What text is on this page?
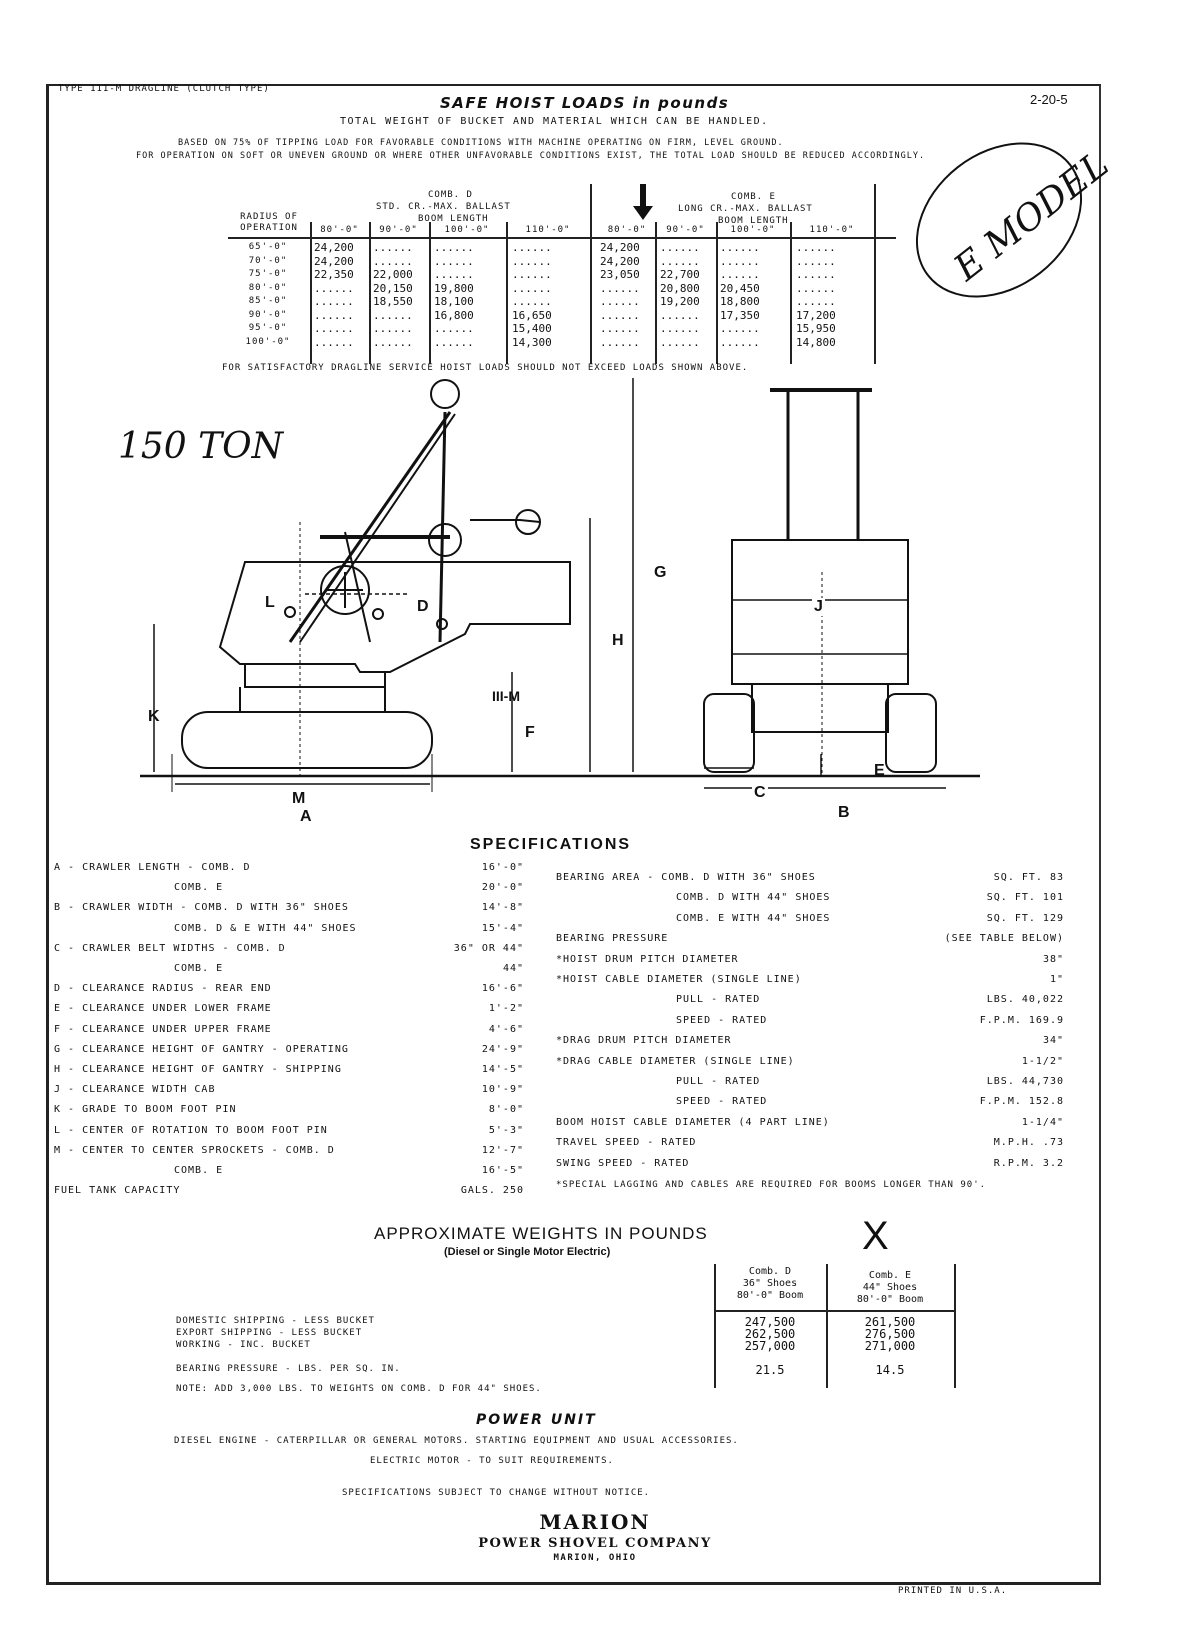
TYPE 111-M DRAGLINE (CLUTCH TYPE)
SAFE HOIST LOADS in pounds	2-20-5
TOTAL WEIGHT OF BUCKET AND MATERIAL WHICH CAN BE HANDLED.
BASED ON 75% OF TIPPING LOAD FOR FAVORABLE CONDITIONS WITH MACHINE OPERATING ON FIRM, LEVEL GROUND.
FOR OPERATION ON SOFT OR UNEVEN GROUND OR WHERE OTHER UNFAVORABLE CONDITIONS EXIST, THE TOTAL LOAD SHOULD BE REDUCED ACCORDINGLY. E MODEL
150 TON
RADIUS OF OPERATION
COMB. D
STD. CR.-MAX. BALLAST
BOOM LENGTH
COMB. E
LONG CR.-MAX. BALLAST
BOOM LENGTH
80'-0"	90'-0"	100'-0"	110'-0"	80'-0"	90'-0"	100'-0"	110'-0"
65'-0"	24,200	......	......	......	24,200	......	......	......
70'-0"	24,200	......	......	......	24,200	......	......	......
75'-0"	22,350	22,000	......	......	23,050	22,700	......	......
80'-0"	......	20,150	19,800	......	......	20,800	20,450	......
85'-0"	......	18,550	18,100	......	......	19,200	18,800	......
90'-0"	......	......	16,800	16,650	......	......	17,350	17,200
95'-0"	......	......	......	15,400	......	......	......	15,950
100'-0"	......	......	......	14,300	......	......	......	14,800
FOR SATISFACTORY DRAGLINE SERVICE HOIST LOADS SHOULD NOT EXCEED LOADS SHOWN ABOVE.
L	D
H
G
K
F
M
A
III-M
J
C
B
E
SPECIFICATIONS
A - CRAWLER LENGTH - COMB. D	16'-0"
COMB. E	20'-0"
B - CRAWLER WIDTH - COMB. D WITH 36" SHOES	14'-8"
COMB. D & E WITH 44" SHOES	15'-4"
C - CRAWLER BELT WIDTHS - COMB. D	36" OR 44"
COMB. E	44"
D - CLEARANCE RADIUS - REAR END	16'-6"
E - CLEARANCE UNDER LOWER FRAME	1'-2"
F - CLEARANCE UNDER UPPER FRAME	4'-6"
G - CLEARANCE HEIGHT OF GANTRY - OPERATING	24'-9"
H - CLEARANCE HEIGHT OF GANTRY - SHIPPING	14'-5"
J - CLEARANCE WIDTH CAB	10'-9"
K - GRADE TO BOOM FOOT PIN	8'-0"
L - CENTER OF ROTATION TO BOOM FOOT PIN	5'-3"
M - CENTER TO CENTER SPROCKETS - COMB. D	12'-7"
COMB. E	16'-5"
FUEL TANK CAPACITY	GALS. 250
BEARING AREA - COMB. D WITH 36" SHOES	SQ. FT. 83
COMB. D WITH 44" SHOES	SQ. FT. 101
COMB. E WITH 44" SHOES	SQ. FT. 129
BEARING PRESSURE	(SEE TABLE BELOW)
*HOIST DRUM PITCH DIAMETER	38"
*HOIST CABLE DIAMETER (SINGLE LINE)	1"
PULL - RATED	LBS. 40,022
SPEED - RATED	F.P.M. 169.9
*DRAG DRUM PITCH DIAMETER	34"
*DRAG CABLE DIAMETER (SINGLE LINE)	1-1/2"
PULL - RATED	LBS. 44,730
SPEED - RATED	F.P.M. 152.8
BOOM HOIST CABLE DIAMETER (4 PART LINE)	1-1/4"
TRAVEL SPEED - RATED	M.P.H. .73
SWING SPEED - RATED	R.P.M. 3.2
*SPECIAL LAGGING AND CABLES ARE REQUIRED FOR BOOMS LONGER THAN 90'.
APPROXIMATE WEIGHTS IN POUNDS
(Diesel or Single Motor Electric)	X
Comb. D
36" Shoes
80'-0" Boom
Comb. E
44" Shoes
80'-0" Boom
DOMESTIC SHIPPING - LESS BUCKET	247,500	261,500
EXPORT SHIPPING - LESS BUCKET	262,500	276,500
WORKING - INC. BUCKET	257,000	271,000
BEARING PRESSURE - LBS. PER SQ. IN.	21.5	14.5
NOTE: ADD 3,000 LBS. TO WEIGHTS ON COMB. D FOR 44" SHOES.
POWER UNIT
DIESEL ENGINE - CATERPILLAR OR GENERAL MOTORS. STARTING EQUIPMENT AND USUAL ACCESSORIES.
ELECTRIC MOTOR - TO SUIT REQUIREMENTS.
SPECIFICATIONS SUBJECT TO CHANGE WITHOUT NOTICE.
MARION
POWER SHOVEL COMPANY
MARION, OHIO
PRINTED IN U.S.A.
